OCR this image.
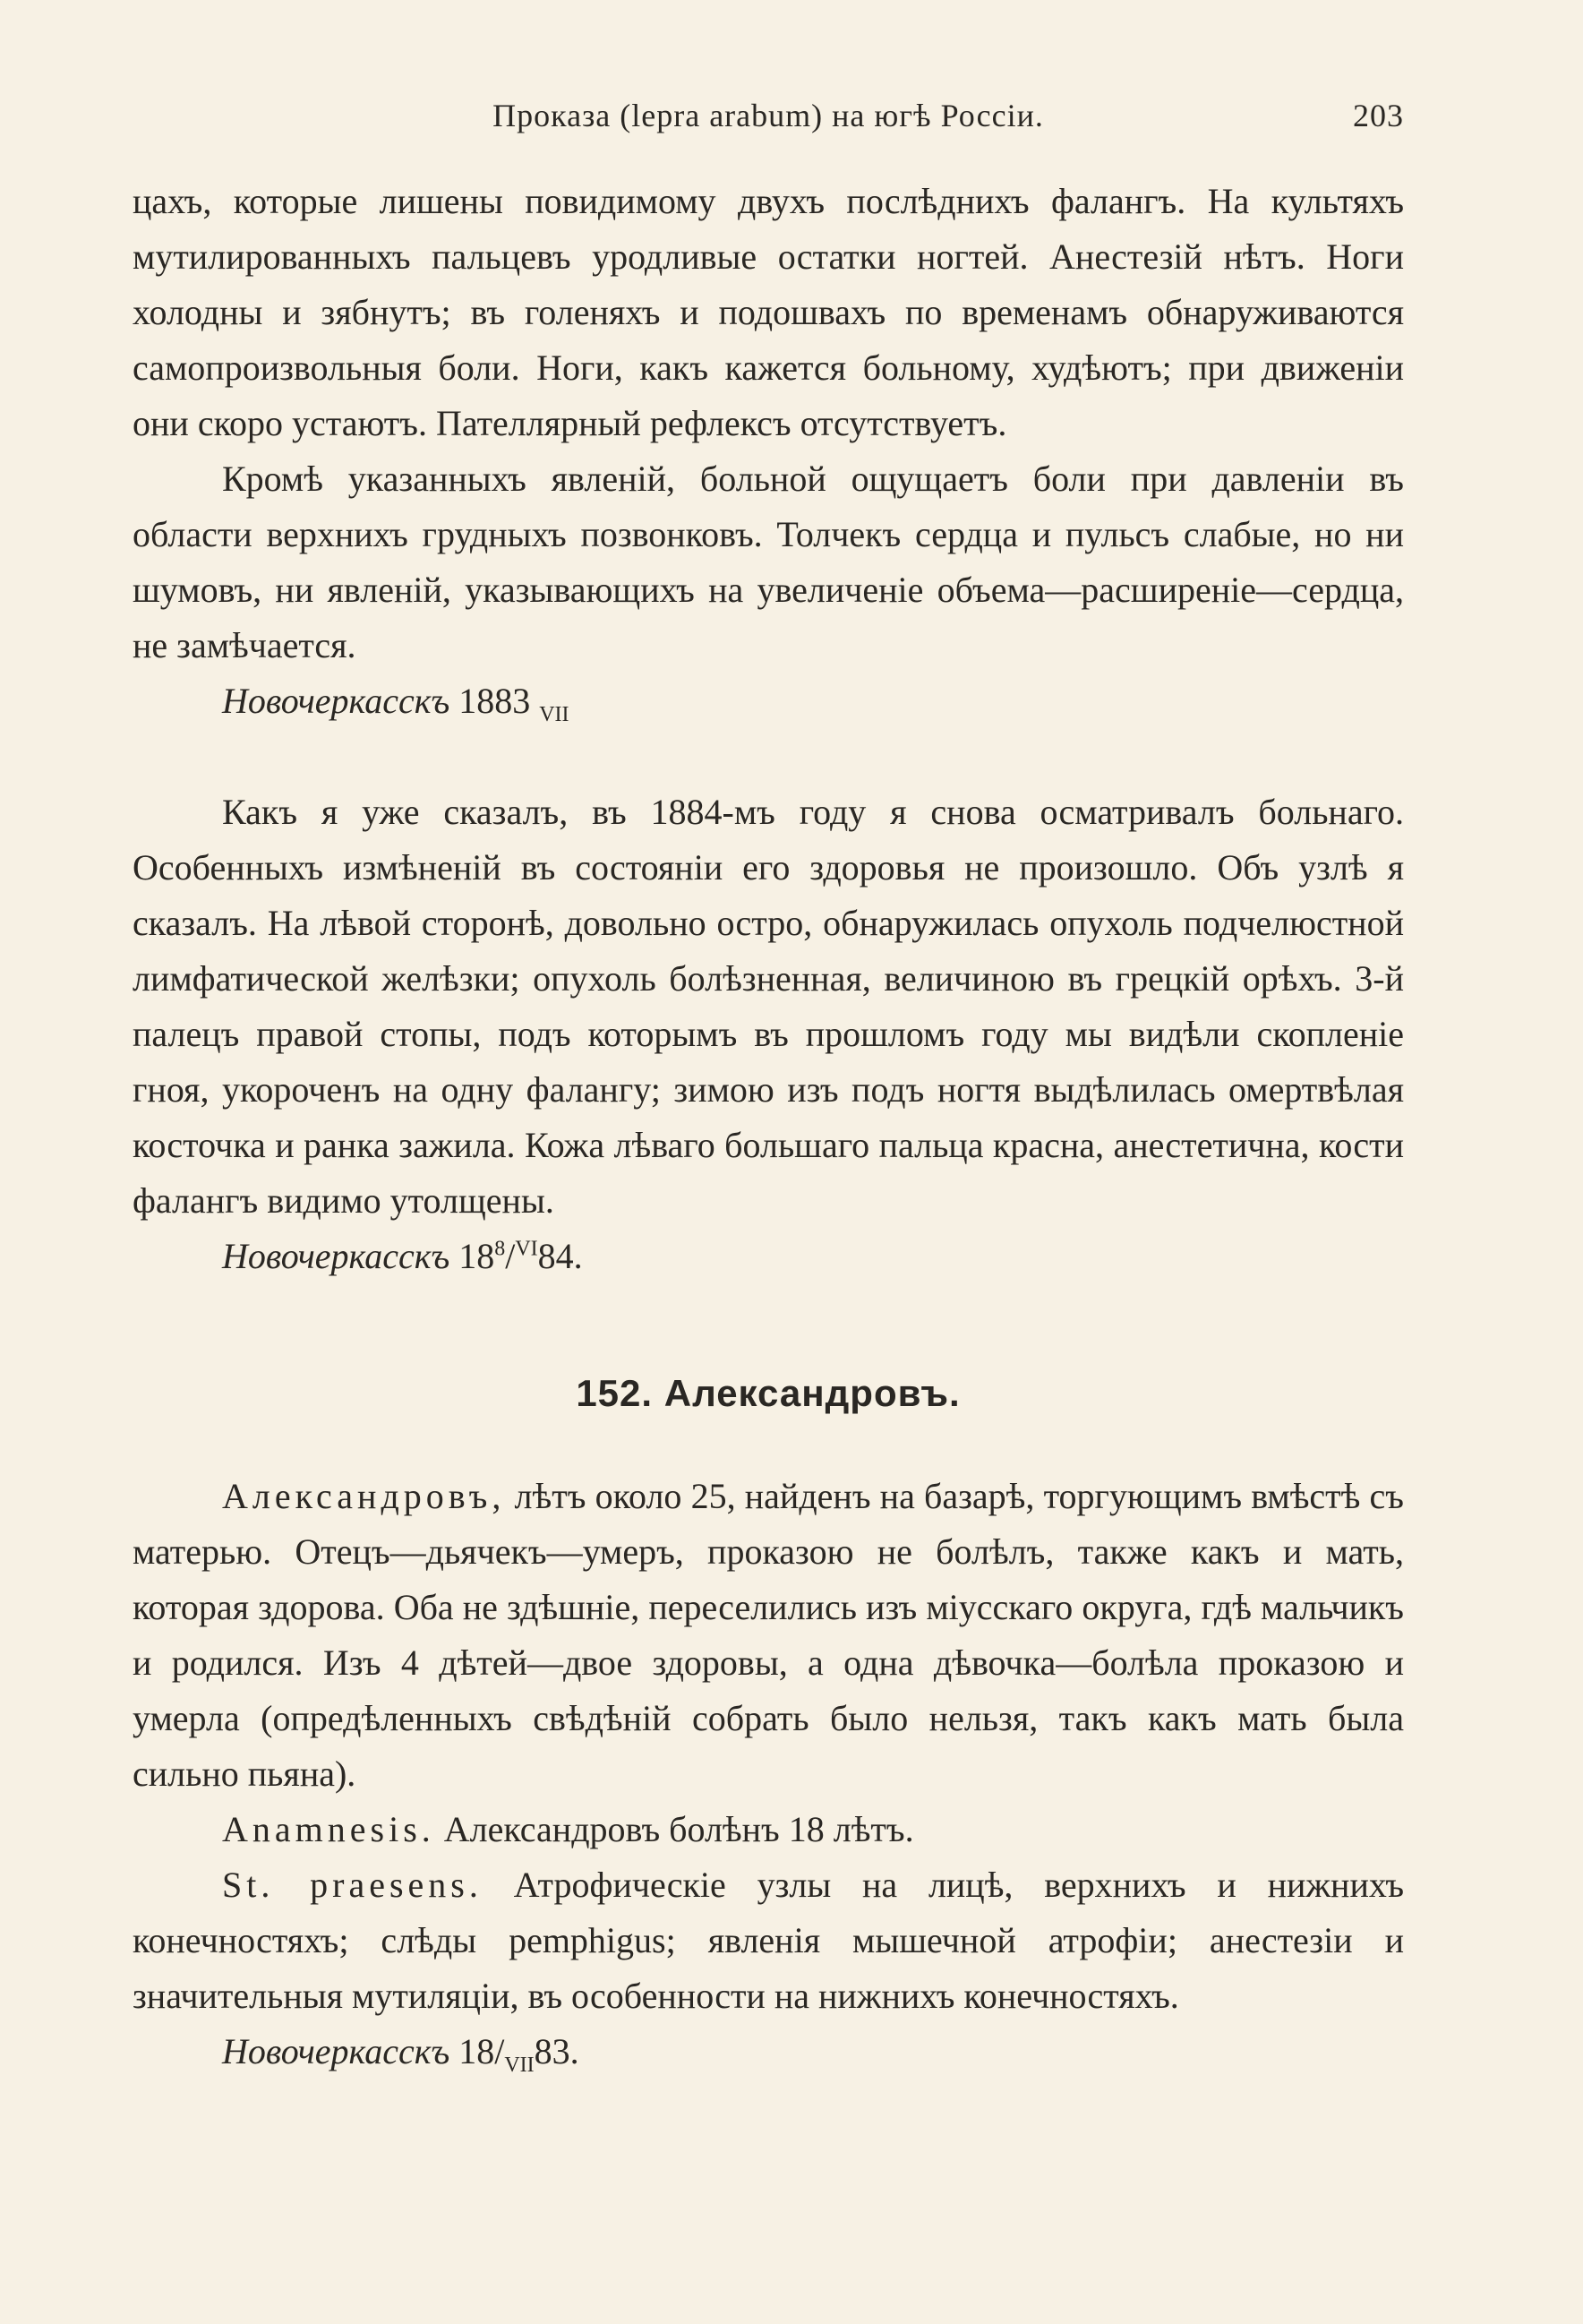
Проказа (lepra arabum) на югѣ Россіи.	203

цахъ, которые лишены повидимому двухъ послѣднихъ фалангъ. На культяхъ мутилированныхъ пальцевъ уродливые остатки ногтей. Анестезій нѣтъ. Ноги холодны и зябнутъ; въ голеняхъ и подошвахъ по временамъ обнаруживаются самопроизвольныя боли. Ноги, какъ кажется больному, худѣютъ; при движеніи они скоро устаютъ. Пателлярный рефлексъ отсутствуетъ.

Кромѣ указанныхъ явленій, больной ощущаетъ боли при давленіи въ области верхнихъ грудныхъ позвонковъ. Толчекъ сердца и пульсъ слабые, но ни шумовъ, ни явленій, указывающихъ на увеличеніе объема—расширеніе—сердца, не замѣчается.

Новочеркасскъ 1883 $_{VII}$

Какъ я уже сказалъ, въ 1884-мъ году я снова осматривалъ больнаго. Особенныхъ измѣненій въ состояніи его здоровья не произошло. Объ узлѣ я сказалъ. На лѣвой сторонѣ, довольно остро, обнаружилась опухоль подчелюстной лимфатической желѣзки; опухоль болѣзненная, величиною въ грецкій орѣхъ. 3-й палецъ правой стопы, подъ которымъ въ прошломъ году мы видѣли скопленіе гноя, укороченъ на одну фалангу; зимою изъ подъ ногтя выдѣлилась омертвѣлая косточка и ранка зажила. Кожа лѣваго большаго пальца красна, анестетична, кости фалангъ видимо утолщены.

Новочеркасскъ $18^8/^{VI}84$.
152. Александровъ.

Александровъ, лѣтъ около 25, найденъ на базарѣ, торгующимъ вмѣстѣ съ матерью. Отецъ—дьячекъ—умеръ, проказою не болѣлъ, также какъ и мать, которая здорова. Оба не здѣшніе, переселились изъ міусскаго округа, гдѣ мальчикъ и родился. Изъ 4 дѣтей—двое здоровы, а одна дѣвочка—болѣла проказою и умерла (опредѣленныхъ свѣдѣній собрать было нельзя, такъ какъ мать была сильно пьяна).

Anamnesis. Александровъ болѣнъ 18 лѣтъ.

St. praesens. Атрофическіе узлы на лицѣ, верхнихъ и нижнихъ конечностяхъ; слѣды pemphigus; явленія мышечной атрофіи; анестезіи и значительныя мутиляціи, въ особенности на нижнихъ конечностяхъ.

Новочеркасскъ $18/_{VII}83$.
